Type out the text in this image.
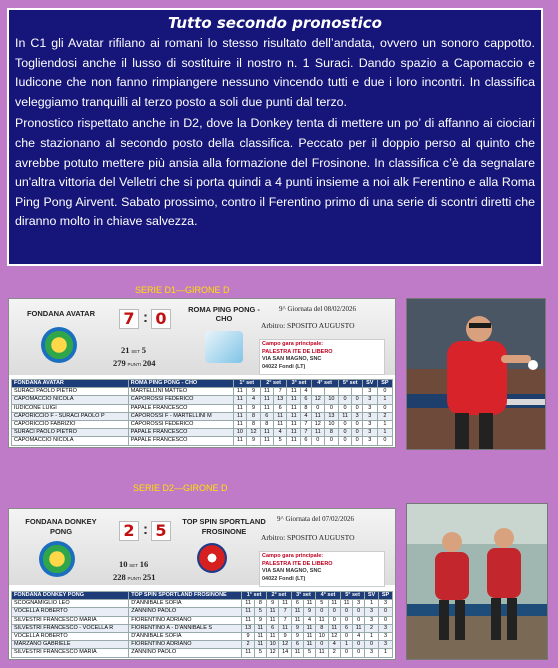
Tutto secondo pronostico

In C1 gli Avatar rifilano ai romani lo stesso risultato dell’andata, ovvero un sonoro cappotto. Togliendosi anche il lusso di sostituire il nostro n. 1 Suraci. Dando spazio a Capomaccio e Iudicone che non fanno rimpiangere nessuno vincendo tutti e due i loro incontri. In classifica veleggiamo tranquilli al terzo posto a soli due punti dal terzo.

Pronostico rispettato anche in D2, dove la Donkey tenta di mettere un po’ di affanno ai ciociari che stazionano al secondo posto della classifica. Peccato per il doppio perso al quinto che avrebbe potuto mettere più ansia alla formazione del Frosinone. In classifica c’è da segnalare un'altra vittoria del Velletri che si porta quindi a 4 punti insieme a noi alk Ferentino e alla Roma Ping Pong Airvent. Sabato prossimo, contro il Ferentino primo di una serie di scontri diretti che diranno molto in chiave salvezza.

SERIE D1—GIRONE D
FONDANA AVATAR	7 : 0
21 SET 5
279 PUNTI 204
ROMA PING PONG - CHO
9^ Giornata del 08/02/2026
Arbitro: SPOSITO AUGUSTO
Campo gara principale:
PALESTRA ITE DE LIBERO
VIA SAN MAGNO, SNC
04022 Fondi (LT)
FONDANA AVATAR	ROMA PING PONG - CHO	1° set		2° set		3° set		4° set		5° set		SV	SP
SURACI PAOLO PIETRO	MARTELLINI MATTEO	11	9	11	7	11	4					3	0
CAPOMACCIO NICOLA	CAPOROSSI FEDERICO	11	4	11	13	11	6	12	10	0	0	3	1
IUDICONE LUIGI	PAPALE FRANCESCO	11	9	11	6	11	8	0	0	0	0	3	0
CAPORICCIO F - SURACI PAOLO P	CAPOROSSI F - MARTELLINI M	11	8	6	11	11	4	11	13	11	3	3	2
CAPORICCIO FABRIZIO	CAPOROSSI FEDERICO	11	8	8	11	11	7	12	10	0	0	3	1
SURACI PAOLO PIETRO	PAPALE FRANCESCO	10	12	11	4	11	7	11	8	0	0	3	1
CAPOMACCIO NICOLA	PAPALE FRANCESCO	11	9	11	5	11	6	0	0	0	0	3	0
SERIE D2—GIRONE D
FONDANA DONKEY PONG	2 : 5
10 SET 16
228 PUNTI 251
TOP SPIN SPORTLAND FROSINONE
9^ Giornata del 07/02/2026
Arbitro: SPOSITO AUGUSTO
Campo gara principale:
PALESTRA ITE DE LIBERO
VIA SAN MAGNO, SNC
04022 Fondi (LT)
FONDANA DONKEY PONG	TOP SPIN SPORTLAND FROSINONE	1° set		2° set		3° set		4° set		5° set		SV	SP
SCOGNAMIGLIO LEO	D'ANNIBALE SOFIA	11	8	9	11	6	11	5	11	11	3	1	3
VOCELLA ROBERTO	ZANNINO PAOLO	11	5	11	7	11	9	0	0	0	0	3	0
SILVESTRI FRANCESCO MARIA	FIORENTINO ADRIANO	11	9	11	7	11	4	11	0	0	0	3	0
SILVESTRI FRANCESCO - VOCELLA R	FIORENTINO A - D'ANNIBALE S	13	11	6	11	9	11	8	11	6	11	2	3
VOCELLA ROBERTO	D'ANNIBALE SOFIA	9	11	11	9	9	11	10	12	0	4	1	3
MARZANO GABRIELE	FIORENTINO ADRIANO	2	11	10	12	6	11	0	4	1	0	0	3
SILVESTRI FRANCESCO MARIA	ZANNINO PAOLO	11	5	12	14	11	5	11	2	0	0	3	1
